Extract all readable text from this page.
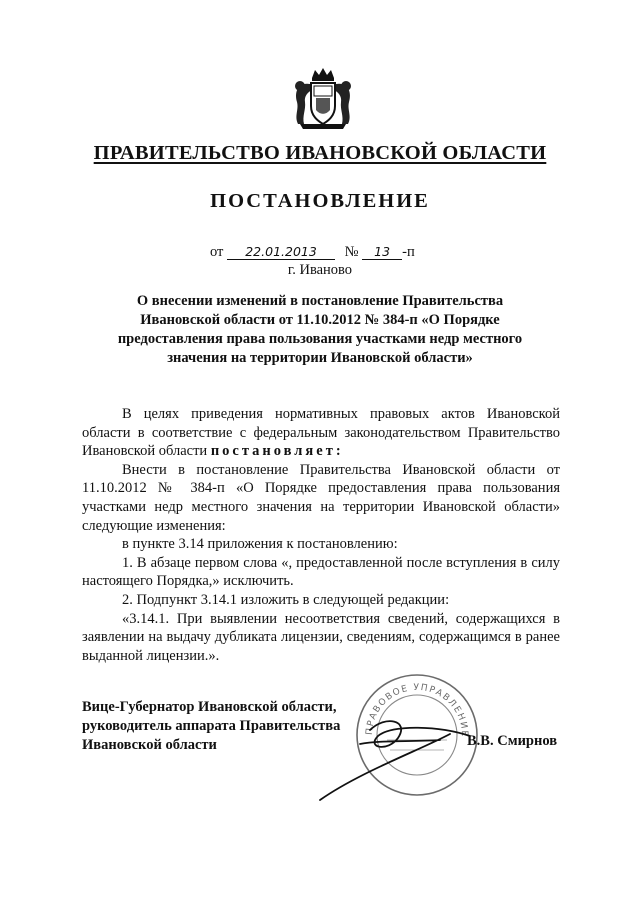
ПРАВИТЕЛЬСТВО ИВАНОВСКОЙ ОБЛАСТИ
ПОСТАНОВЛЕНИЕ
от 22.01.2013 № 13 -п
г. Иваново
О внесении изменений в постановление Правительства
Ивановской области от 11.10.2012 № 384-п «О Порядке
предоставления права пользования участками недр местного
значения на территории Ивановской области»

В целях приведения нормативных правовых актов Ивановской области в соответствие с федеральным законодательством Правительство Ивановской области постановляет:

Внести в постановление Правительства Ивановской области от 11.10.2012 № 384-п «О Порядке предоставления права пользования участками недр местного значения на территории Ивановской области» следующие изменения:

в пункте 3.14 приложения к постановлению:

1. В абзаце первом слова «, предоставленной после вступления в силу настоящего Порядка,» исключить.

2. Подпункт 3.14.1 изложить в следующей редакции:

«3.14.1. При выявлении несоответствия сведений, содержащихся в заявлении на выдачу дубликата лицензии, сведениям, содержащимся в ранее выданной лицензии.».

Вице-Губернатор Ивановской области,
руководитель аппарата Правительства
Ивановской области
ПРАВОВОЕ УПРАВЛЕНИЕ
В.В. Смирнов
